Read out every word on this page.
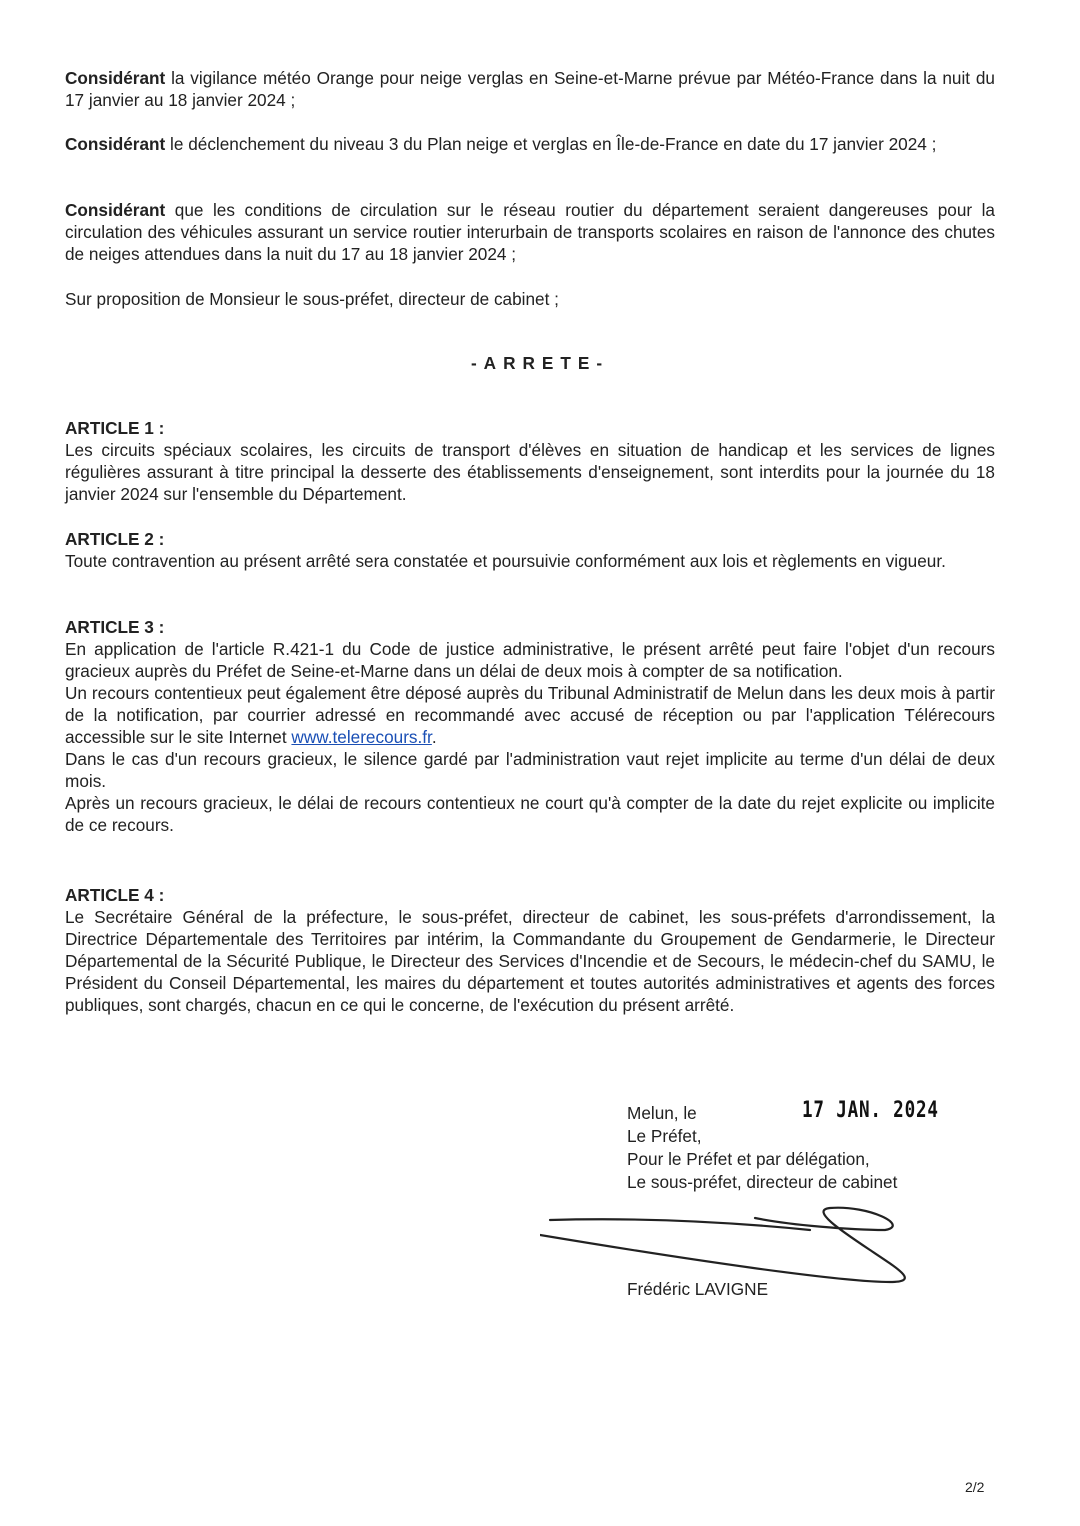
Considérant la vigilance météo Orange pour neige verglas en Seine-et-Marne prévue par Météo-France dans la nuit du 17 janvier au 18 janvier 2024 ;

Considérant le déclenchement du niveau 3 du Plan neige et verglas en Île-de-France en date du 17 janvier 2024 ;

Considérant que les conditions de circulation sur le réseau routier du département seraient dangereuses pour la circulation des véhicules assurant un service routier interurbain de transports scolaires en raison de l'annonce des chutes de neiges attendues dans la nuit du 17 au 18 janvier 2024 ;

Sur proposition de Monsieur le sous-préfet, directeur de cabinet ;
-ARRETE-

ARTICLE 1 :

Les circuits spéciaux scolaires, les circuits de transport d'élèves en situation de handicap et les services de lignes régulières assurant à titre principal la desserte des établissements d'enseignement, sont interdits pour la journée du 18 janvier 2024 sur l'ensemble du Département.

ARTICLE 2 :

Toute contravention au présent arrêté sera constatée et poursuivie conformément aux lois et règlements en vigueur.

ARTICLE 3 :

En application de l'article R.421-1 du Code de justice administrative, le présent arrêté peut faire l'objet d'un recours gracieux auprès du Préfet de Seine-et-Marne dans un délai de deux mois à compter de sa notification.

Un recours contentieux peut également être déposé auprès du Tribunal Administratif de Melun dans les deux mois à partir de la notification, par courrier adressé en recommandé avec accusé de réception ou par l'application Télérecours accessible sur le site Internet www.telerecours.fr.

Dans le cas d'un recours gracieux, le silence gardé par l'administration vaut rejet implicite au terme d'un délai de deux mois.

Après un recours gracieux, le délai de recours contentieux ne court qu'à compter de la date du rejet explicite ou implicite de ce recours.

ARTICLE 4 :

Le Secrétaire Général de la préfecture, le sous-préfet, directeur de cabinet, les sous-préfets d'arrondissement, la Directrice Départementale des Territoires par intérim, la Commandante du Groupement de Gendarmerie, le Directeur Départemental de la Sécurité Publique, le Directeur des Services d'Incendie et de Secours, le médecin-chef du SAMU, le Président du Conseil Départemental, les maires du département et toutes autorités administratives et agents des forces publiques, sont chargés, chacun en ce qui le concerne, de l'exécution du présent arrêté.

Melun, le
Le Préfet,
Pour le Préfet et par délégation,
Le sous-préfet, directeur de cabinet
17 JAN. 2024
Frédéric LAVIGNE
2/2
